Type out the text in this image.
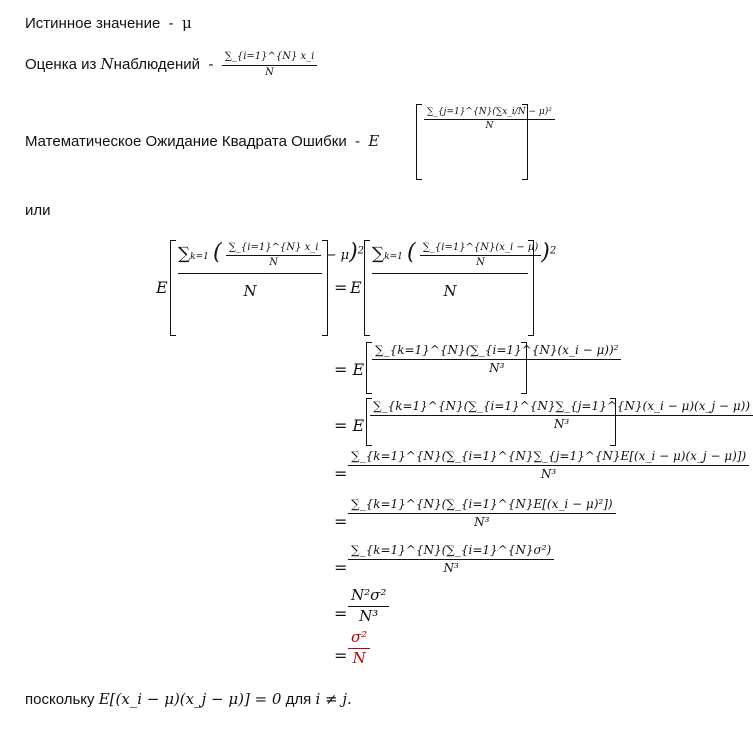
Истинное значение  -  μ
Оценка из Nнаблюдений  - $\frac{\sum\_\{i=1\}\^{}\{N\} x\_i}{N}$
Математическое Ожидание Квадрата Ошибки  -  E
$\frac{\text{∑\_\{j=1\}\textasciicircum{}\{N\}(∑x\_i/N − μ)²}}{N}$
или
E
∑k=1 ( $\frac{\sum\_\{i=1\}\^{}\{N\} x\_i}{N} - \mu)^2$
N	= E
∑k=1 ( $\frac{\sum\_\{i=1\}\^{}\{N\}(x\_i - \mu)}{N} )^2$
N
= E $\frac{\text{∑\_\{k=1\}\textasciicircum{}\{N\}(∑\_\{i=1\}\textasciicircum{}\{N\}(x\_i − μ))²}}{\text{N³}}$
= E $\frac{\sum\_\{k=1\}\^{}\{N\}(\sum\_\{i=1\}\^{}\{N\}\sum\_\{j=1\}\^{}\{N\}(x\_i - \mu)(x\_j - \mu))}{\text{N³}}$
= $\frac{\sum\_\{k=1\}\^{}\{N\}(\sum\_\{i=1\}\^{}\{N\}\sum\_\{j=1\}\^{}\{N\}E[(x\_i - \mu)(x\_j - \mu)])}{\text{N³}}$
= $\frac{\text{∑\_\{k=1\}\textasciicircum{}\{N\}(∑\_\{i=1\}\textasciicircum{}\{N\}E[(x\_i − μ)²])}}{\text{N³}}$
= $\frac{\text{∑\_\{k=1\}\textasciicircum{}\{N\}(∑\_\{i=1\}\textasciicircum{}\{N\}σ²)}}{\text{N³}}$
= $\frac{\text{N²σ²}}{\text{N³}}$
= $\frac{\text{σ²}}{N}$
поскольку E[(x_i − μ)(x_j − μ)] = 0 для i ≠ j.
